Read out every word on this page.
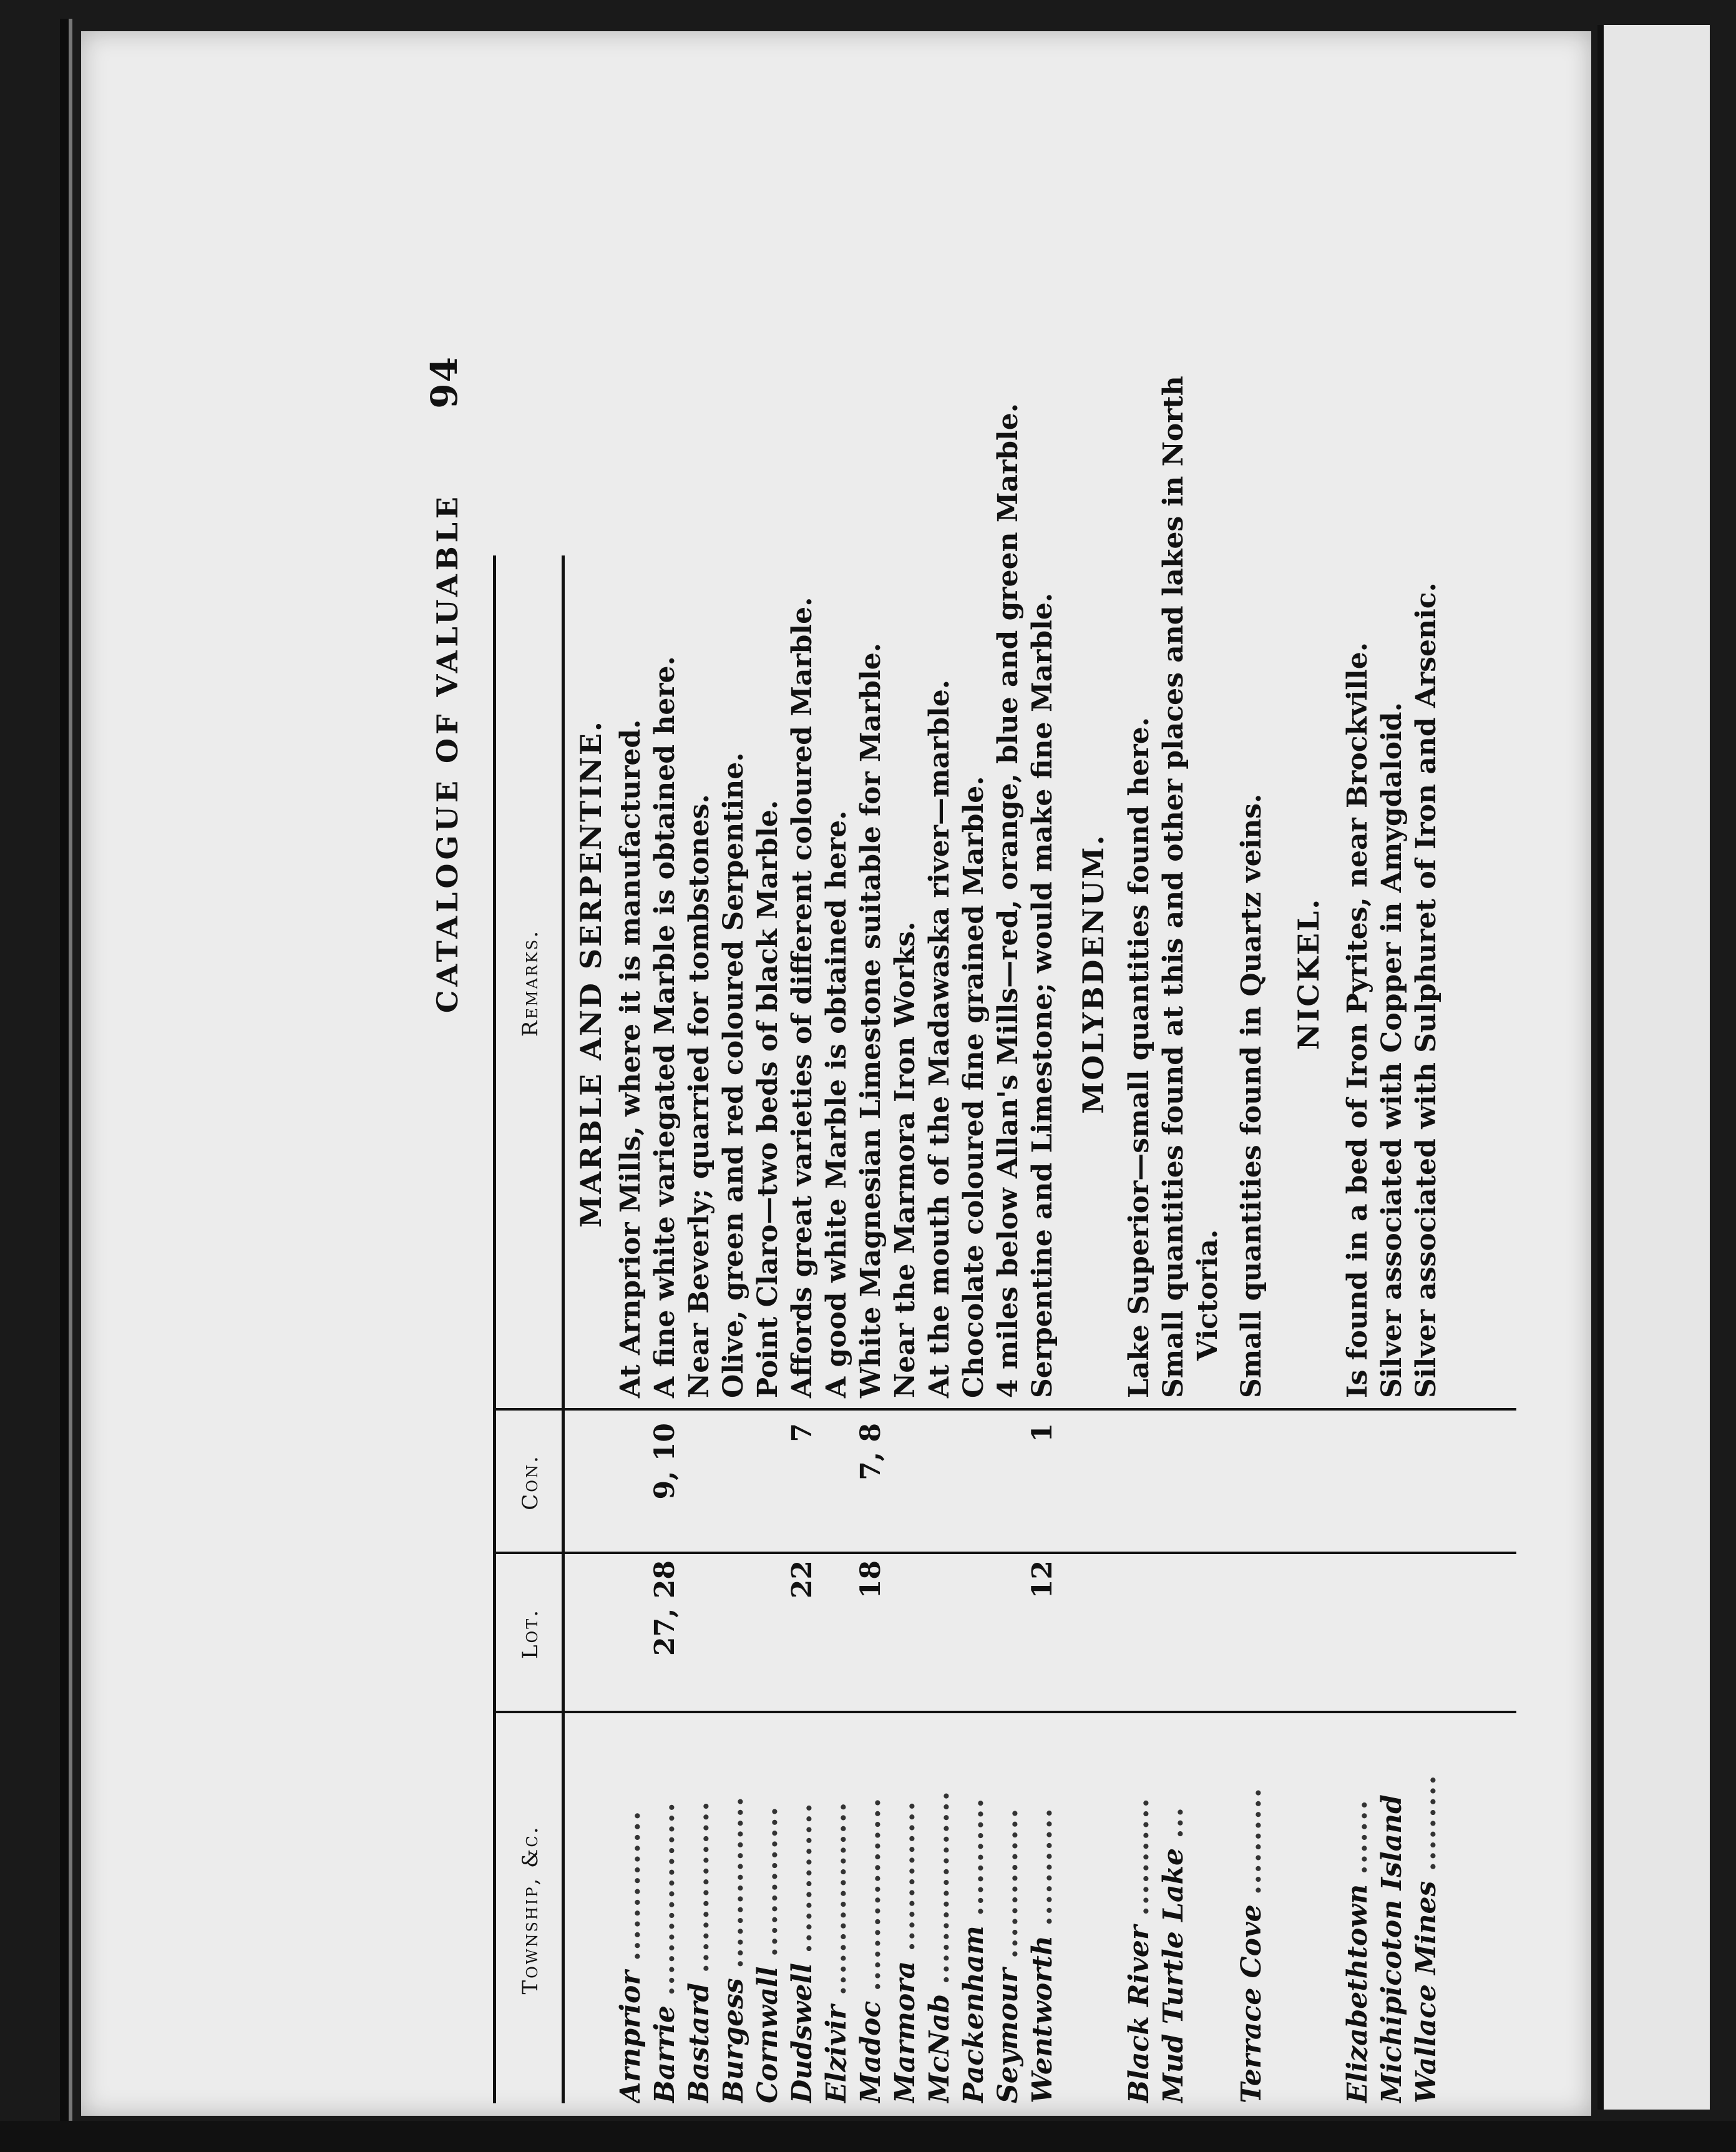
CATALOGUE OF VALUABLE
94
Township, &c.
Lot.
Con.
Remarks. MARBLE AND SERPENTINE.
Arnprior ..............
At Arnprior Mills, where it is manufactured.
Barrie ..................
27, 28
9, 10
A fine white variegated Marble is obtained here.
Bastard ................
Near Beverly; quarried for tombstones.
Burgess ................
Olive, green and red coloured Serpentine.
Cornwall ..............
Point Claro—two beds of black Marble.
Dudswell ..............
22
7
Affords great varieties of different coloured Marble.
Elzivir ..................
A good white Marble is obtained here.
Madoc ..................
18
7, 8
White Magnesian Limestone suitable for Marble.
Marmora ..............
Near the Marmora Iron Works.
McNab ..................
At the mouth of the Madawaska river—marble.
Packenham ...........
Chocolate coloured fine grained Marble.
Seymour ..............
4 miles below Allan's Mills—red, orange, blue and green Marble.
Wentworth ...........
12
1
Serpentine and Limestone; would make fine Marble. MOLYBDENUM.
Black River ...........
Lake Superior—small quantities found here.
Mud Turtle Lake ...
Small quantities found at this and other places and lakes in North Victoria.
Terrace Cove ..........
Small quantities found in Quartz veins. NICKEL.
Elizabethtown .......
Is found in a bed of Iron Pyrites, near Brockville.
Michipicoton Island
Silver associated with Copper in Amygdaloid.
Wallace Mines .........
Silver associated with Sulphuret of Iron and Arsenic.
